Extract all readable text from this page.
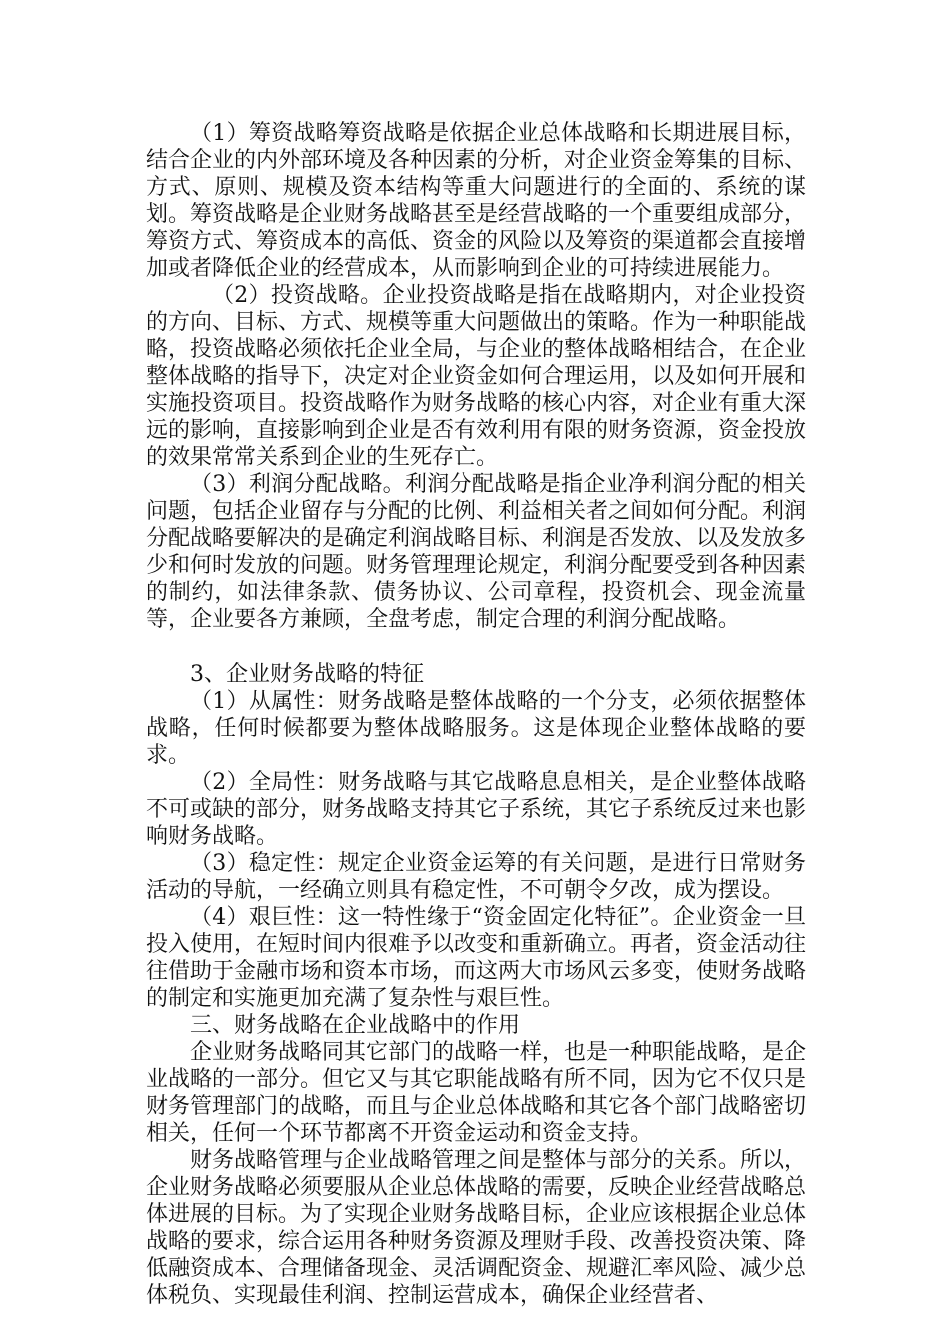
（1）筹资战略筹资战略是依据企业总体战略和长期进展目标，结合企业的内外部环境及各种因素的分析，对企业资金筹集的目标、方式、原则、规模及资本结构等重大问题进行的全面的、系统的谋划。筹资战略是企业财务战略甚至是经营战略的一个重要组成部分，筹资方式、筹资成本的高低、资金的风险以及筹资的渠道都会直接增加或者降低企业的经营成本，从而影响到企业的可持续进展能力。

（2）投资战略。企业投资战略是指在战略期内，对企业投资的方向、目标、方式、规模等重大问题做出的策略。作为一种职能战略，投资战略必须依托企业全局，与企业的整体战略相结合，在企业整体战略的指导下，决定对企业资金如何合理运用，以及如何开展和实施投资项目。投资战略作为财务战略的核心内容，对企业有重大深远的影响，直接影响到企业是否有效利用有限的财务资源，资金投放的效果常常关系到企业的生死存亡。

（3）利润分配战略。利润分配战略是指企业净利润分配的相关问题，包括企业留存与分配的比例、利益相关者之间如何分配。利润分配战略要解决的是确定利润战略目标、利润是否发放、以及发放多少和何时发放的问题。财务管理理论规定，利润分配要受到各种因素的制约，如法律条款、债务协议、公司章程，投资机会、现金流量等，企业要各方兼顾，全盘考虑，制定合理的利润分配战略。

3、企业财务战略的特征

（1）从属性：财务战略是整体战略的一个分支，必须依据整体战略，任何时候都要为整体战略服务。这是体现企业整体战略的要求。

（2）全局性：财务战略与其它战略息息相关，是企业整体战略不可或缺的部分，财务战略支持其它子系统，其它子系统反过来也影响财务战略。

（3）稳定性：规定企业资金运筹的有关问题，是进行日常财务活动的导航，一经确立则具有稳定性，不可朝令夕改，成为摆设。

（4）艰巨性：这一特性缘于“资金固定化特征”。企业资金一旦投入使用，在短时间内很难予以改变和重新确立。再者，资金活动往往借助于金融市场和资本市场，而这两大市场风云多变，使财务战略的制定和实施更加充满了复杂性与艰巨性。

三、财务战略在企业战略中的作用

企业财务战略同其它部门的战略一样，也是一种职能战略，是企业战略的一部分。但它又与其它职能战略有所不同，因为它不仅只是财务管理部门的战略，而且与企业总体战略和其它各个部门战略密切相关，任何一个环节都离不开资金运动和资金支持。

财务战略管理与企业战略管理之间是整体与部分的关系。所以，企业财务战略必须要服从企业总体战略的需要，反映企业经营战略总体进展的目标。为了实现企业财务战略目标，企业应该根据企业总体战略的要求，综合运用各种财务资源及理财手段、改善投资决策、降低融资成本、合理储备现金、灵活调配资金、规避汇率风险、减少总体税负、实现最佳利润、控制运营成本，确保企业经营者、
